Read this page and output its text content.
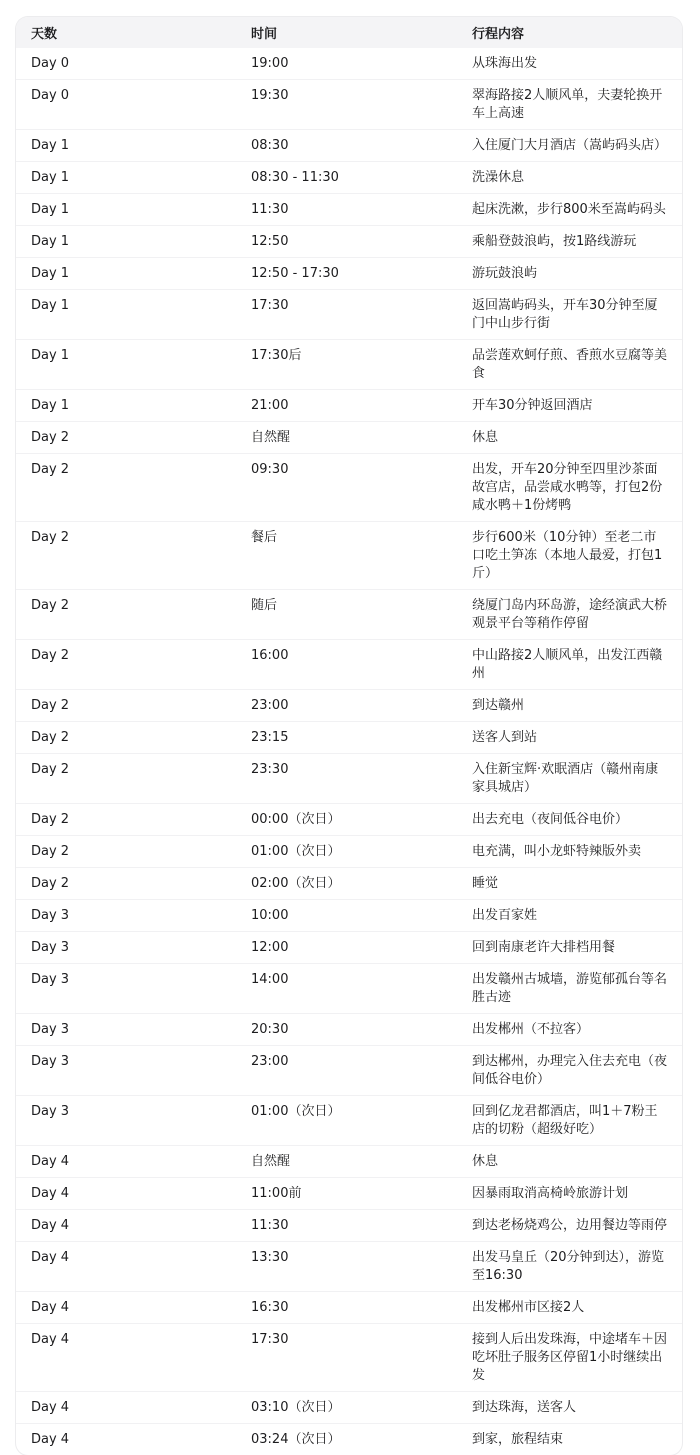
天数	时间	行程内容
Day 0	19:00	从珠海出发
Day 0	19:30	翠海路接2人顺风单，夫妻轮换开车上高速
Day 1	08:30	入住厦门大月酒店（嵩屿码头店）
Day 1	08:30 - 11:30	洗澡休息
Day 1	11:30	起床洗漱，步行800米至嵩屿码头
Day 1	12:50	乘船登鼓浪屿，按1路线游玩
Day 1	12:50 - 17:30	游玩鼓浪屿
Day 1	17:30	返回嵩屿码头，开车30分钟至厦门中山步行街
Day 1	17:30后	品尝莲欢蚵仔煎、香煎水豆腐等美食
Day 1	21:00	开车30分钟返回酒店
Day 2	自然醒	休息
Day 2	09:30	出发，开车20分钟至四里沙茶面故宫店，品尝咸水鸭等，打包2份咸水鸭＋1份烤鸭
Day 2	餐后	步行600米（10分钟）至老二市口吃土笋冻（本地人最爱，打包1斤）
Day 2	随后	绕厦门岛内环岛游，途经演武大桥观景平台等稍作停留
Day 2	16:00	中山路接2人顺风单，出发江西赣州
Day 2	23:00	到达赣州
Day 2	23:15	送客人到站
Day 2	23:30	入住新宝辉·欢眠酒店（赣州南康家具城店）
Day 2	00:00（次日）	出去充电（夜间低谷电价）
Day 2	01:00（次日）	电充满，叫小龙虾特辣版外卖
Day 2	02:00（次日）	睡觉
Day 3	10:00	出发百家姓
Day 3	12:00	回到南康老许大排档用餐
Day 3	14:00	出发赣州古城墙，游览郁孤台等名胜古迹
Day 3	20:30	出发郴州（不拉客）
Day 3	23:00	到达郴州，办理完入住去充电（夜间低谷电价）
Day 3	01:00（次日）	回到亿龙君都酒店，叫1＋7粉王店的切粉（超级好吃）
Day 4	自然醒	休息
Day 4	11:00前	因暴雨取消高椅岭旅游计划
Day 4	11:30	到达老杨烧鸡公，边用餐边等雨停
Day 4	13:30	出发马皇丘（20分钟到达），游览至16:30
Day 4	16:30	出发郴州市区接2人
Day 4	17:30	接到人后出发珠海，中途堵车＋因吃坏肚子服务区停留1小时继续出发
Day 4	03:10（次日）	到达珠海，送客人
Day 4	03:24（次日）	到家，旅程结束
